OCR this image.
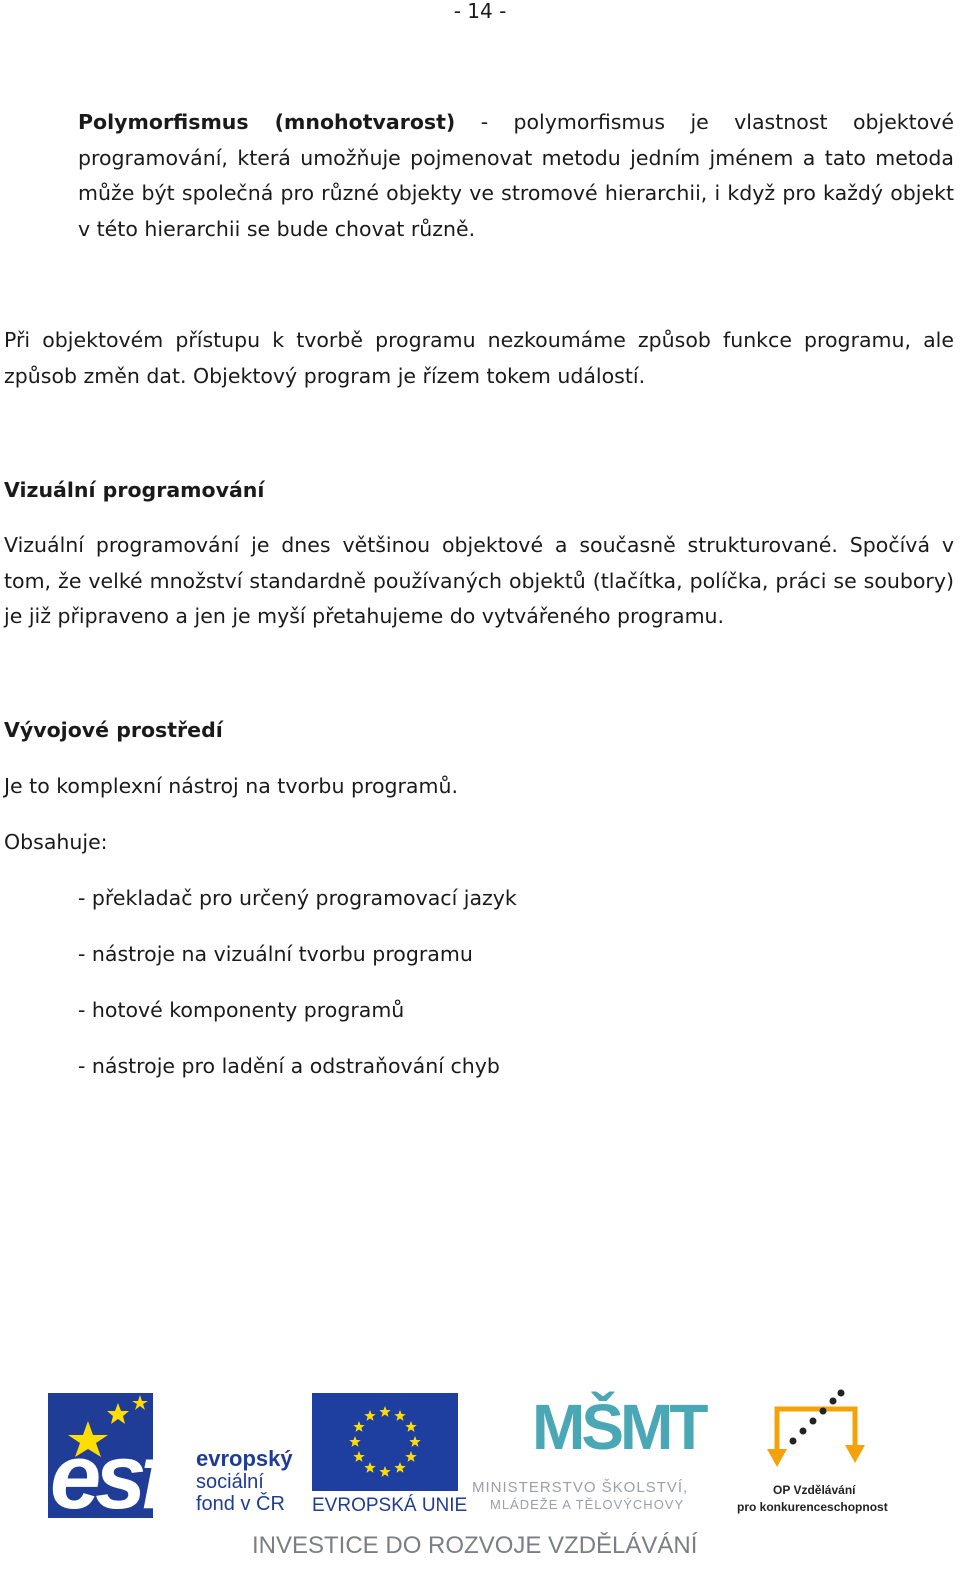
- 14 -
Polymorfismus (mnohotvarost) - polymorfismus je vlastnost objektové programování, která umožňuje pojmenovat metodu jedním jménem a tato metoda může být společná pro různé objekty ve stromové hierarchii, i když pro každý objekt v této hierarchii se bude chovat různě.
Při objektovém přístupu k tvorbě programu nezkoumáme způsob funkce programu, ale způsob změn dat. Objektový program je řízem tokem událostí.
Vizuální programování
Vizuální programování je dnes většinou objektové a současně strukturované. Spočívá v tom, že velké množství standardně používaných objektů (tlačítka, políčka, práci se soubory) je již připraveno a jen je myší přetahujeme do vytvářeného programu.
Vývojové prostředí
Je to komplexní nástroj na tvorbu programů.
Obsahuje:
- překladač pro určený programovací jazyk
- nástroje na vizuální tvorbu programu
- hotové komponenty programů
- nástroje pro ladění a odstraňování chyb
esf evropský
sociální
fond v ČR EVROPSKÁ UNIE
MŠMT
MINISTERSTVO ŠKOLSTVÍ,
MLÁDEŽE A TĚLOVÝCHOVY
OP Vzdělávání
pro konkurenceschopnost
INVESTICE DO ROZVOJE VZDĚLÁVÁNÍ
